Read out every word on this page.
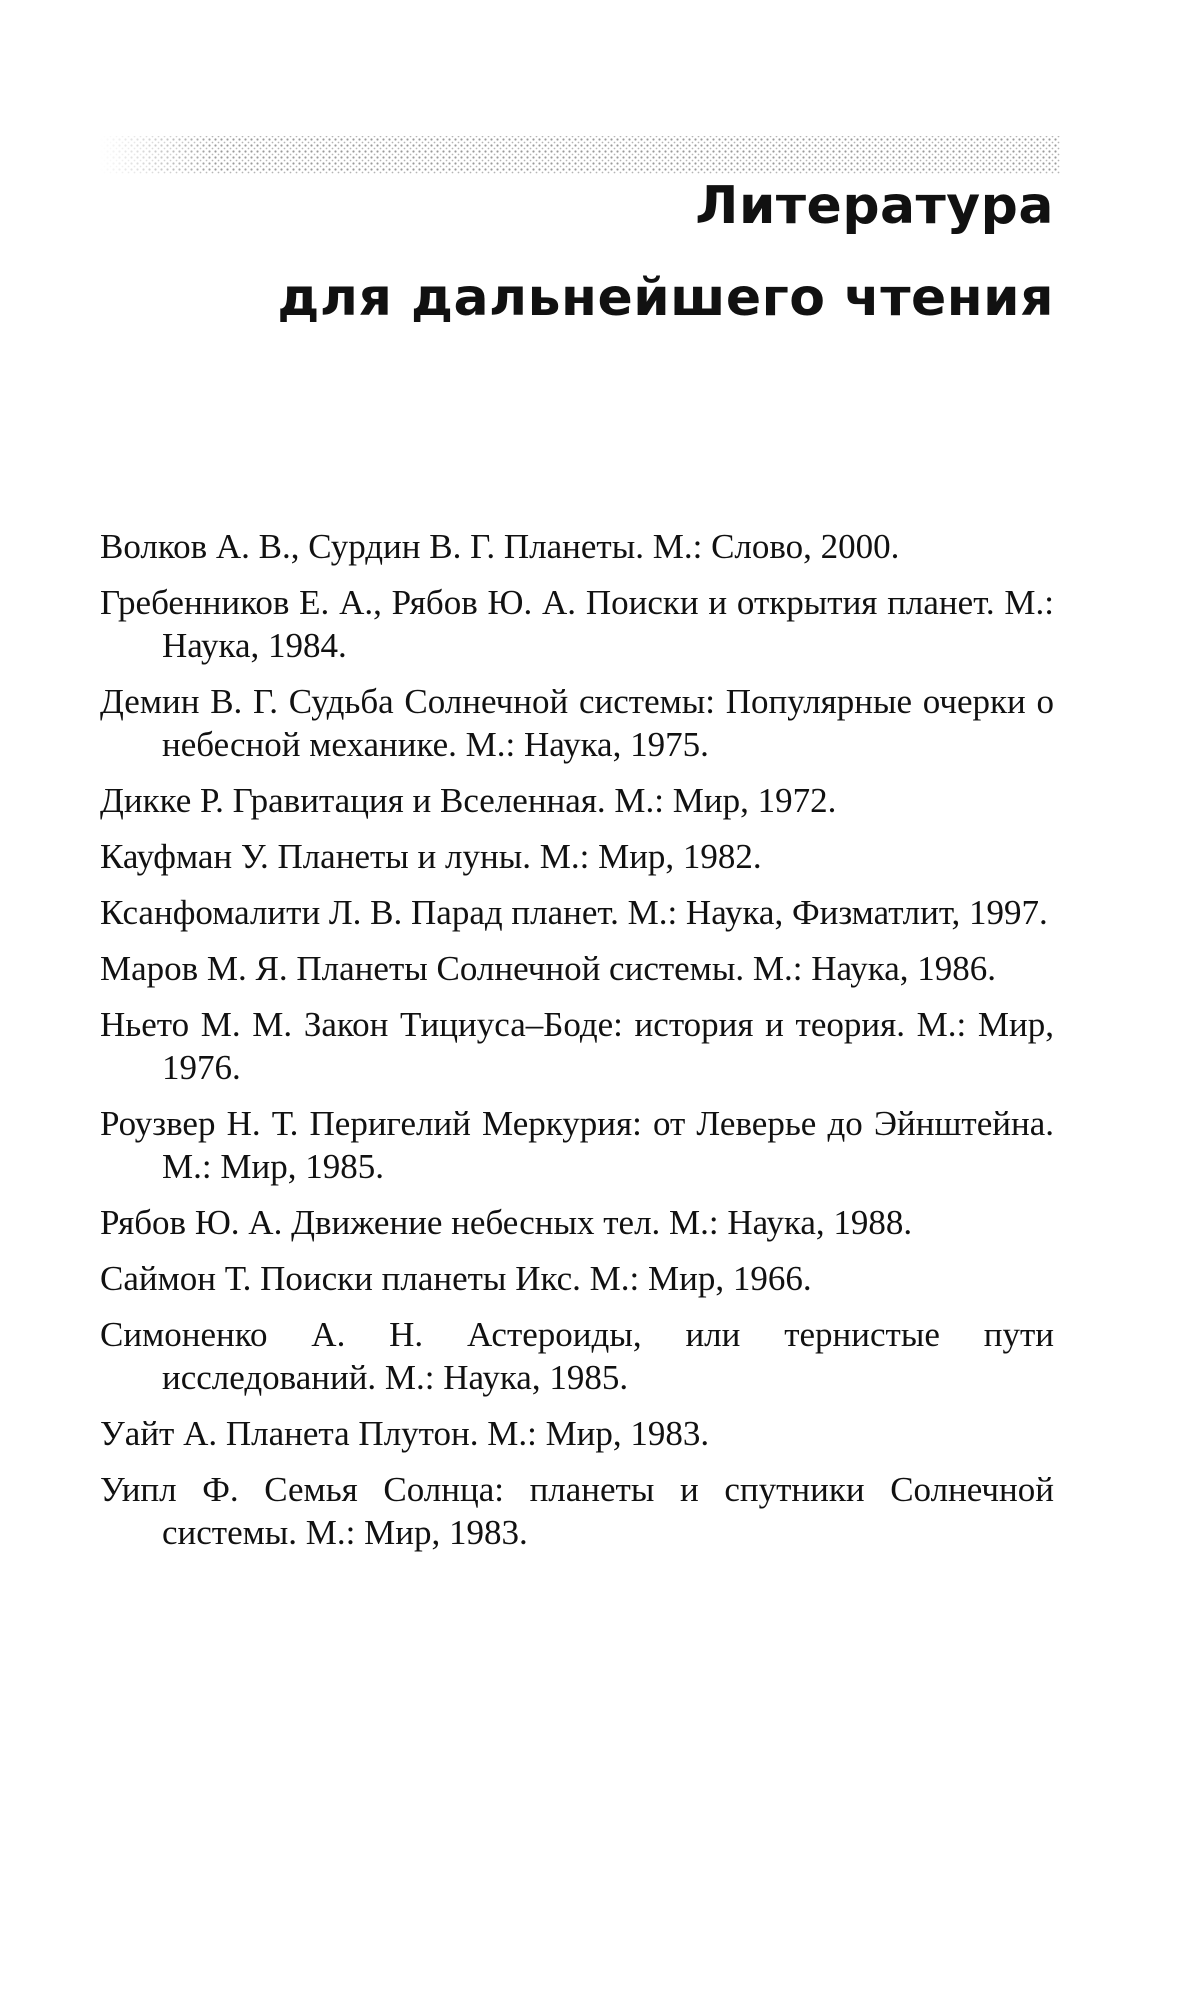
Литература
для дальнейшего чтения
Волков А. В., Сурдин В. Г. Планеты. М.: Слово, 2000.
Гребенников Е. А., Рябов Ю. А. Поиски и открытия планет. М.: Наука, 1984.
Демин В. Г. Судьба Солнечной системы: Популярные очерки о небесной механике. М.: Наука, 1975.
Дикке Р. Гравитация и Вселенная. М.: Мир, 1972.
Кауфман У. Планеты и луны. М.: Мир, 1982.
Ксанфомалити Л. В. Парад планет. М.: Наука, Физматлит, 1997.
Маров М. Я. Планеты Солнечной системы. М.: Наука, 1986.
Ньето М. М. Закон Тициуса–Боде: история и теория. М.: Мир, 1976.
Роузвер Н. Т. Перигелий Меркурия: от Леверье до Эйнштейна. М.: Мир, 1985.
Рябов Ю. А. Движение небесных тел. М.: Наука, 1988.
Саймон Т. Поиски планеты Икс. М.: Мир, 1966.
Симоненко А. Н. Астероиды, или тернистые пути исследований. М.: Наука, 1985.
Уайт А. Планета Плутон. М.: Мир, 1983.
Уипл Ф. Семья Солнца: планеты и спутники Солнечной системы. М.: Мир, 1983.
